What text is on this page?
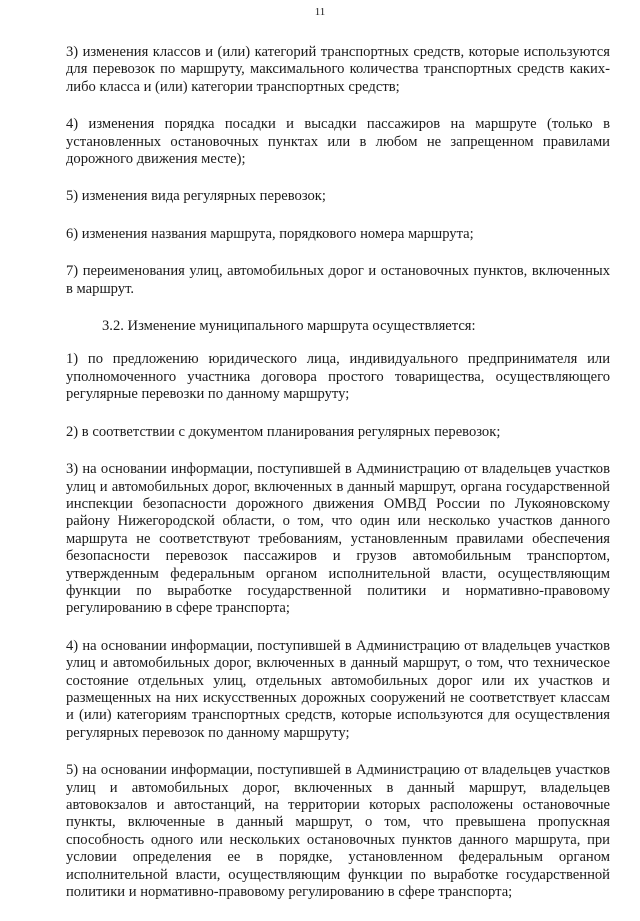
11

3) изменения классов и (или) категорий транспортных средств, которые используются для перевозок по маршруту, максимального количества транспортных средств каких-либо класса и (или) категории транспортных средств;

4) изменения порядка посадки и высадки пассажиров на маршруте (только в установленных остановочных пунктах или в любом не запрещенном правилами дорожного движения месте);

5) изменения вида регулярных перевозок;

6) изменения названия маршрута, порядкового номера маршрута;

7) переименования улиц, автомобильных дорог и остановочных пунктов, включенных в маршрут.

3.2. Изменение муниципального маршрута осуществляется:

1) по предложению юридического лица, индивидуального предпринимателя или уполномоченного участника договора простого товарищества, осуществляющего регулярные перевозки по данному маршруту;

2) в соответствии с документом планирования регулярных перевозок;

3) на основании информации, поступившей в Администрацию от владельцев участков улиц и автомобильных дорог, включенных в данный маршрут, органа государственной инспекции безопасности дорожного движения ОМВД России по Лукояновскому району Нижегородской области, о том, что один или несколько участков данного маршрута не соответствуют требованиям, установленным правилами обеспечения безопасности перевозок пассажиров и грузов автомобильным транспортом, утвержденным федеральным органом исполнительной власти, осуществляющим функции по выработке государственной политики и нормативно-правовому регулированию в сфере транспорта;

4) на основании информации, поступившей в Администрацию от владельцев участков улиц и автомобильных дорог, включенных в данный маршрут, о том, что техническое состояние отдельных улиц, отдельных автомобильных дорог или их участков и размещенных на них искусственных дорожных сооружений не соответствует классам и (или) категориям транспортных средств, которые используются для осуществления регулярных перевозок по данному маршруту;

5) на основании информации, поступившей в Администрацию от владельцев участков улиц и автомобильных дорог, включенных в данный маршрут, владельцев автовокзалов и автостанций, на территории которых расположены остановочные пункты, включенные в данный маршрут, о том, что превышена пропускная способность одного или нескольких остановочных пунктов данного маршрута, при условии определения ее в порядке, установленном федеральным органом исполнительной власти, осуществляющим функции по выработке государственной политики и нормативно-правовому регулированию в сфере транспорта;
